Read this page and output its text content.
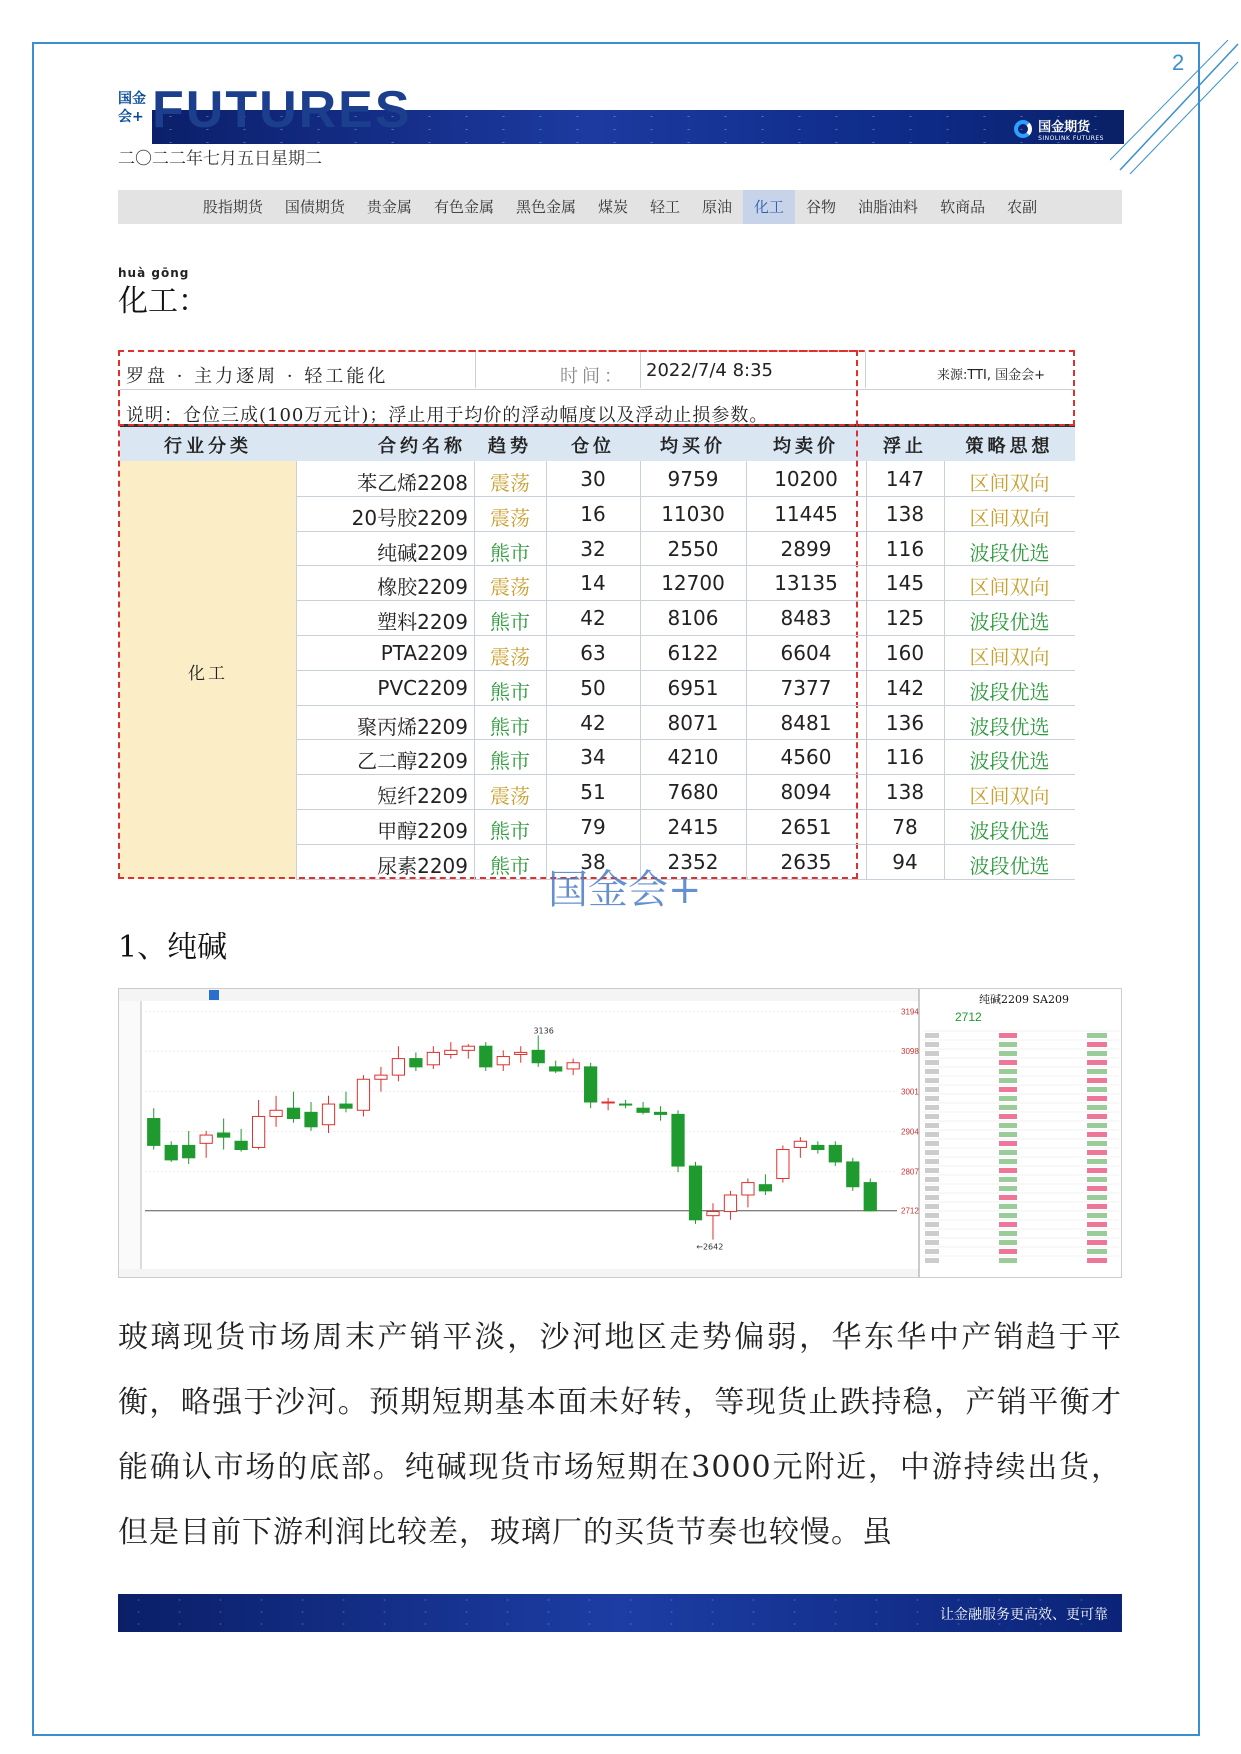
2
国金期货
SINOLINK FUTURES
国金会+ FUTURES
二〇二二年七月五日星期二
股指期货	国债期货	贵金属	有色金属	黑色金属	煤炭	轻工	原油	化工	谷物	油脂油料	软商品	农副
huà gōng
化工：
罗盘 · 主力逐周 · 轻工能化	时间： 2022/7/4 8:35	来源:TTI, 国金会+
说明：仓位三成(100万元计)；浮止用于均价的浮动幅度以及浮动止损参数。
行业分类	合约名称	趋势	仓位	均买价	均卖价	浮止	策略思想
化工
苯乙烯2208	震荡	30	9759	10200	147	区间双向
20号胶2209	震荡	16	11030	11445	138	区间双向
纯碱2209	熊市	32	2550	2899	116	波段优选
橡胶2209	震荡	14	12700	13135	145	区间双向
塑料2209	熊市	42	8106	8483	125	波段优选
PTA2209	震荡	63	6122	6604	160	区间双向
PVC2209	熊市	50	6951	7377	142	波段优选
聚丙烯2209	熊市	42	8071	8481	136	波段优选
乙二醇2209	熊市	34	4210	4560	116	波段优选
短纤2209	震荡	51	7680	8094	138	区间双向
甲醇2209	熊市	79	2415	2651	78	波段优选
尿素2209	熊市	38	2352	2635	94	波段优选
国金会+
1、纯碱
3194
3098
3001
2904
2807
2712
3136
←2642
纯碱2209 SA209
2712
玻璃现货市场周末产销平淡，沙河地区走势偏弱，华东华中产销趋于平衡，略强于沙河。预期短期基本面未好转，等现货止跌持稳，产销平衡才能确认市场的底部。纯碱现货市场短期在3000元附近，中游持续出货，但是目前下游利润比较差，玻璃厂的买货节奏也较慢。虽
让金融服务更高效、更可靠
